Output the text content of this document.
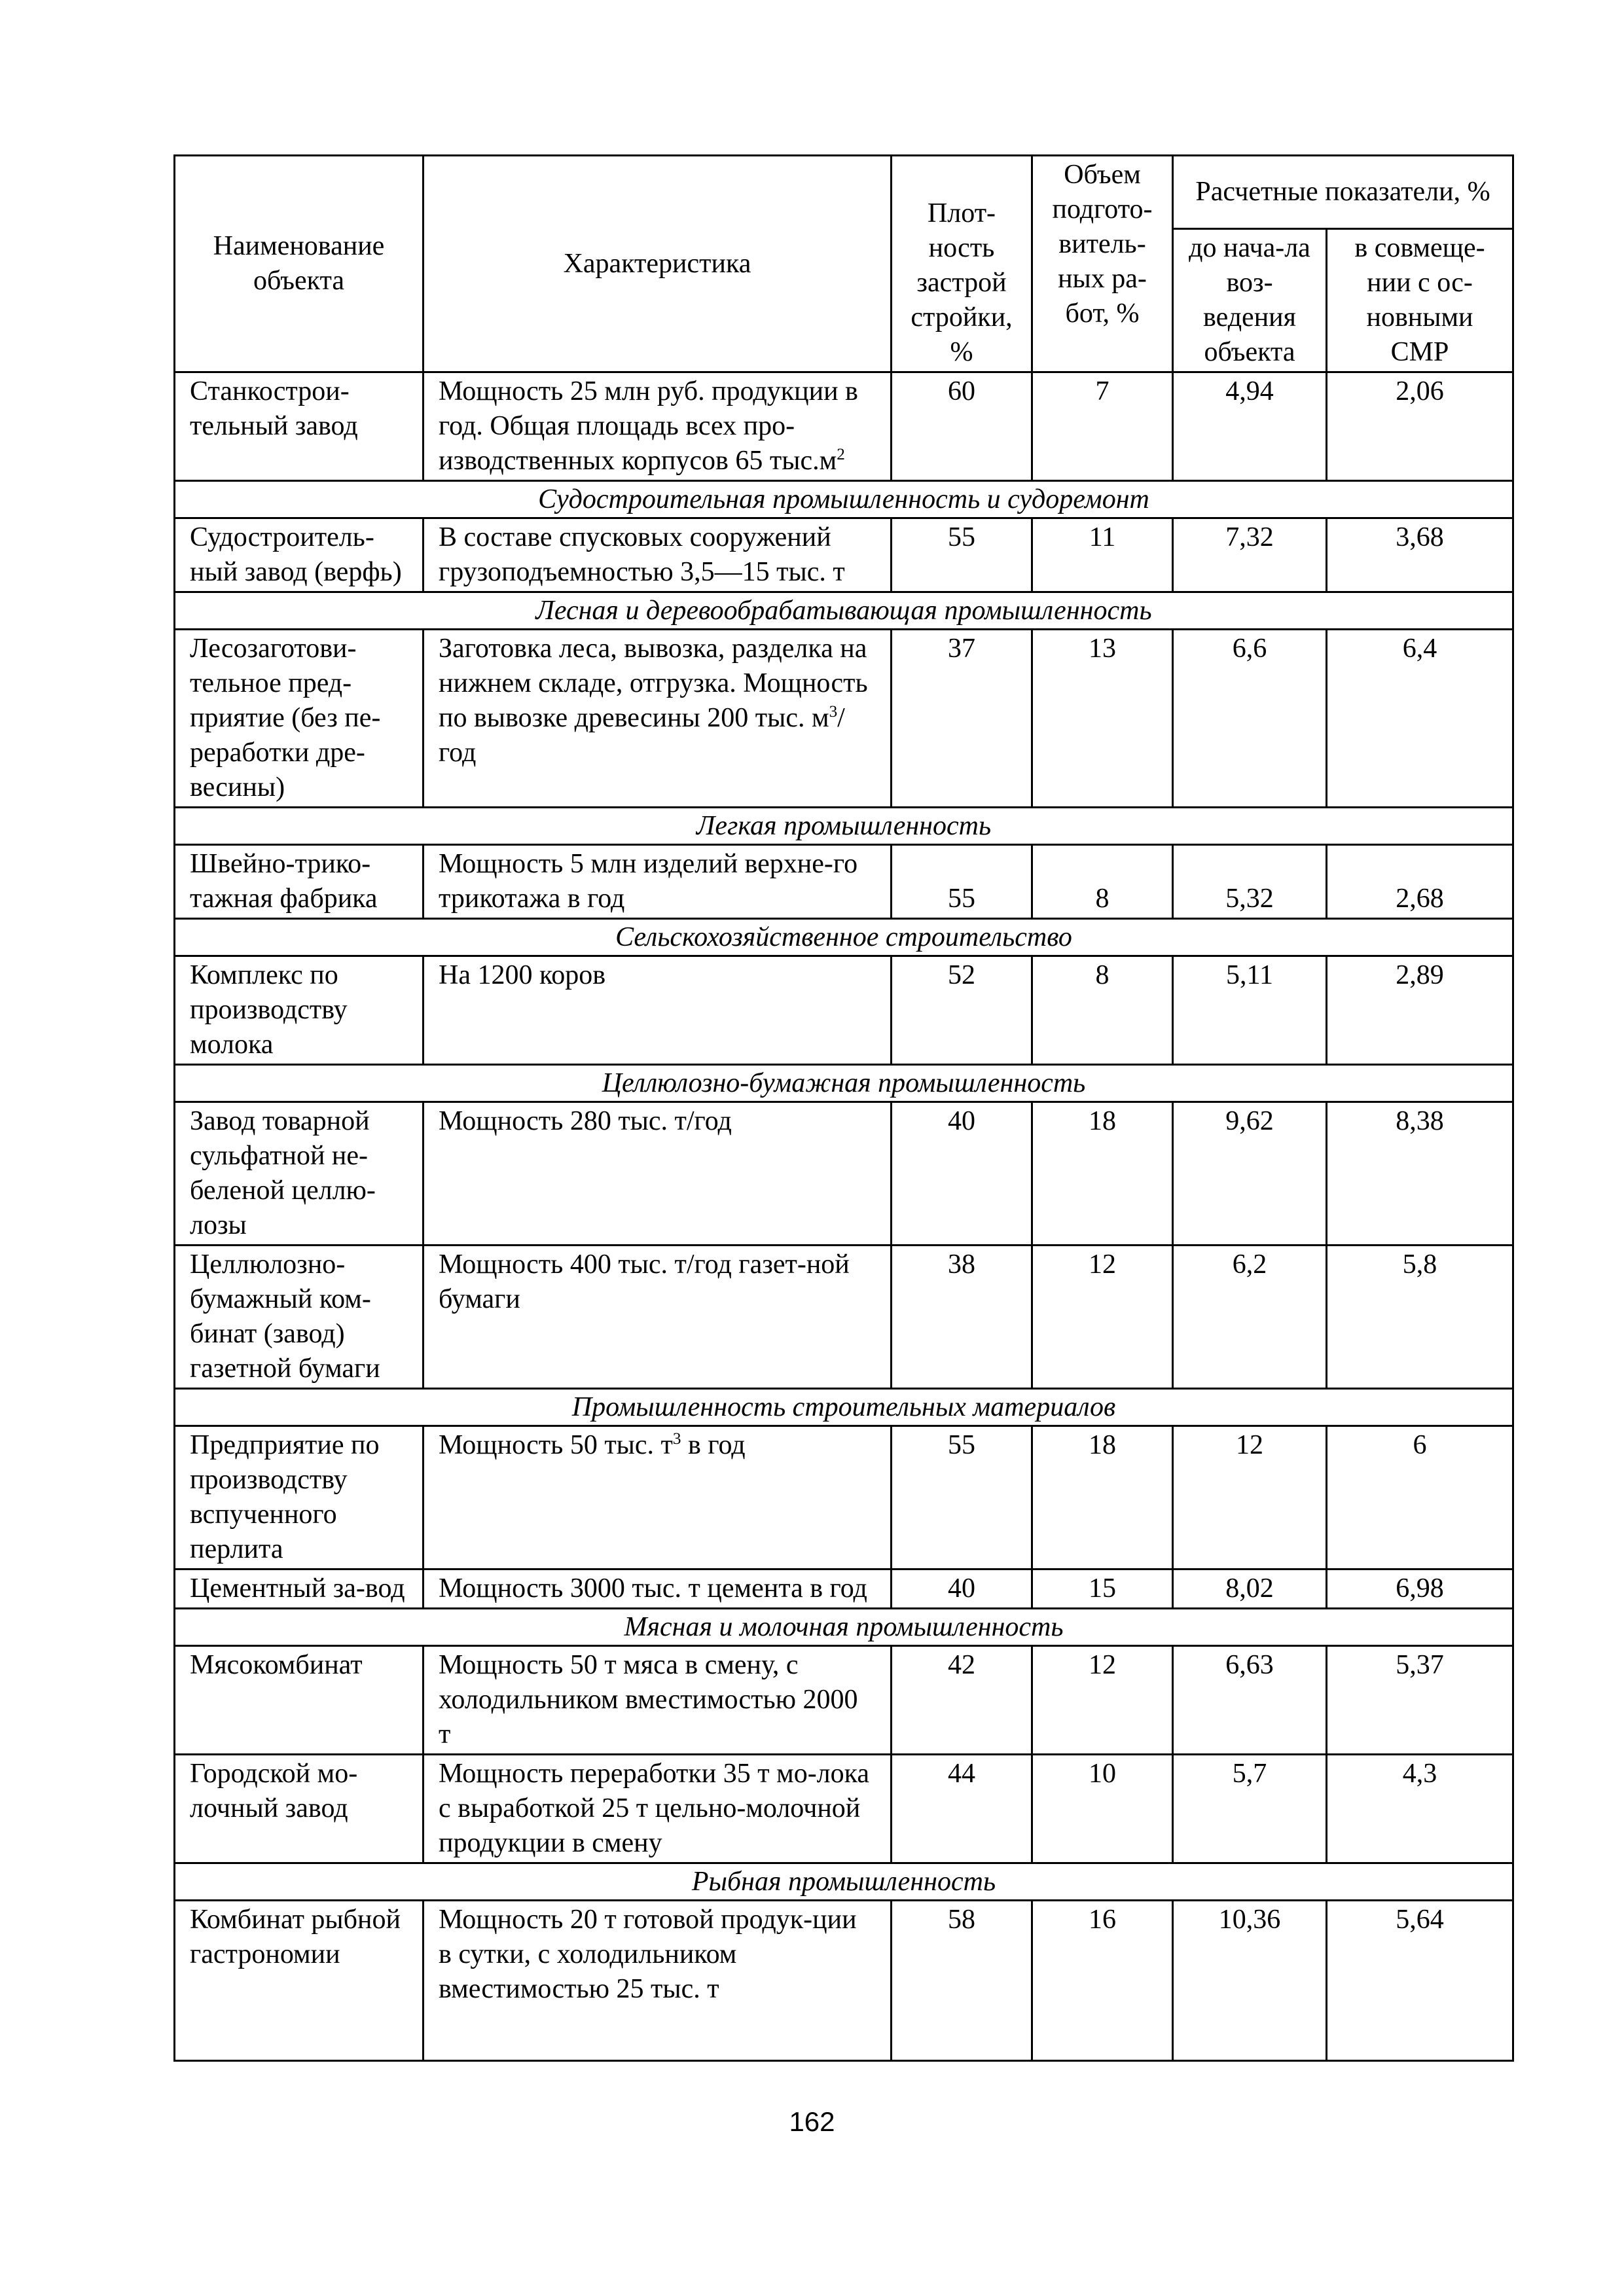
Наименование объекта	Характеристика	Плот-ность застрой стройки, %	Объем подгото-витель-ных ра-бот, %	Расчетные показатели, %	
				до нача-ла воз-ведения объекта	в совмеще-нии с ос-новными СМР
Станкострои-тельный завод	Мощность 25 млн руб. продукции в год. Общая площадь всех про-изводственных корпусов 65 $тыс.м^2$	60	7	4,94	2,06
Судостроительная промышленность и судоремонт					
Судостроитель-ный завод (верфь)	В составе спусковых сооружений грузоподъемностью 3,5—15 тыс. т	55	11	7,32	3,68
Лесная и деревообрабатывающая промышленность					
Лесозаготови-тельное пред-приятие (без пе-реработки дре-весины)	Заготовка леса, вывозка, разделка на нижнем складе, отгрузка. Мощность по вывозке древесины 200 тыс. $м^3$/год	37	13	6,6	6,4
Легкая промышленность					
Швейно-трико-тажная фабрика	Мощность 5 млн изделий верхне-го трикотажа в год	55	8	5,32	2,68
Сельскохозяйственное строительство					
Комплекс по производству молока	На 1200 коров	52	8	5,11	2,89
Целлюлозно-бумажная промышленность					
Завод товарной сульфатной не-беленой целлю-лозы	Мощность 280 тыс. т/год	40	18	9,62	8,38
Целлюлозно-бумажный ком-бинат (завод) газетной бумаги	Мощность 400 тыс. т/год газет-ной бумаги	38	12	6,2	5,8
Промышленность строительных материалов					
Предприятие по производству вспученного перлита	Мощность 50 тыс. $т^3$ в год	55	18	12	6
Цементный за-вод	Мощность 3000 тыс. т цемента в год	40	15	8,02	6,98
Мясная и молочная промышленность					
Мясокомбинат	Мощность 50 т мяса в смену, с холодильником вместимостью 2000 т	42	12	6,63	5,37
Городской мо-лочный завод	Мощность переработки 35 т мо-лока с выработкой 25 т цельно-молочной продукции в смену	44	10	5,7	4,3
Рыбная промышленность					
Комбинат рыбной гастрономии	Мощность 20 т готовой продук-ции в сутки, с холодильником вместимостью 25 тыс. т	58	16	10,36	5,64
162
